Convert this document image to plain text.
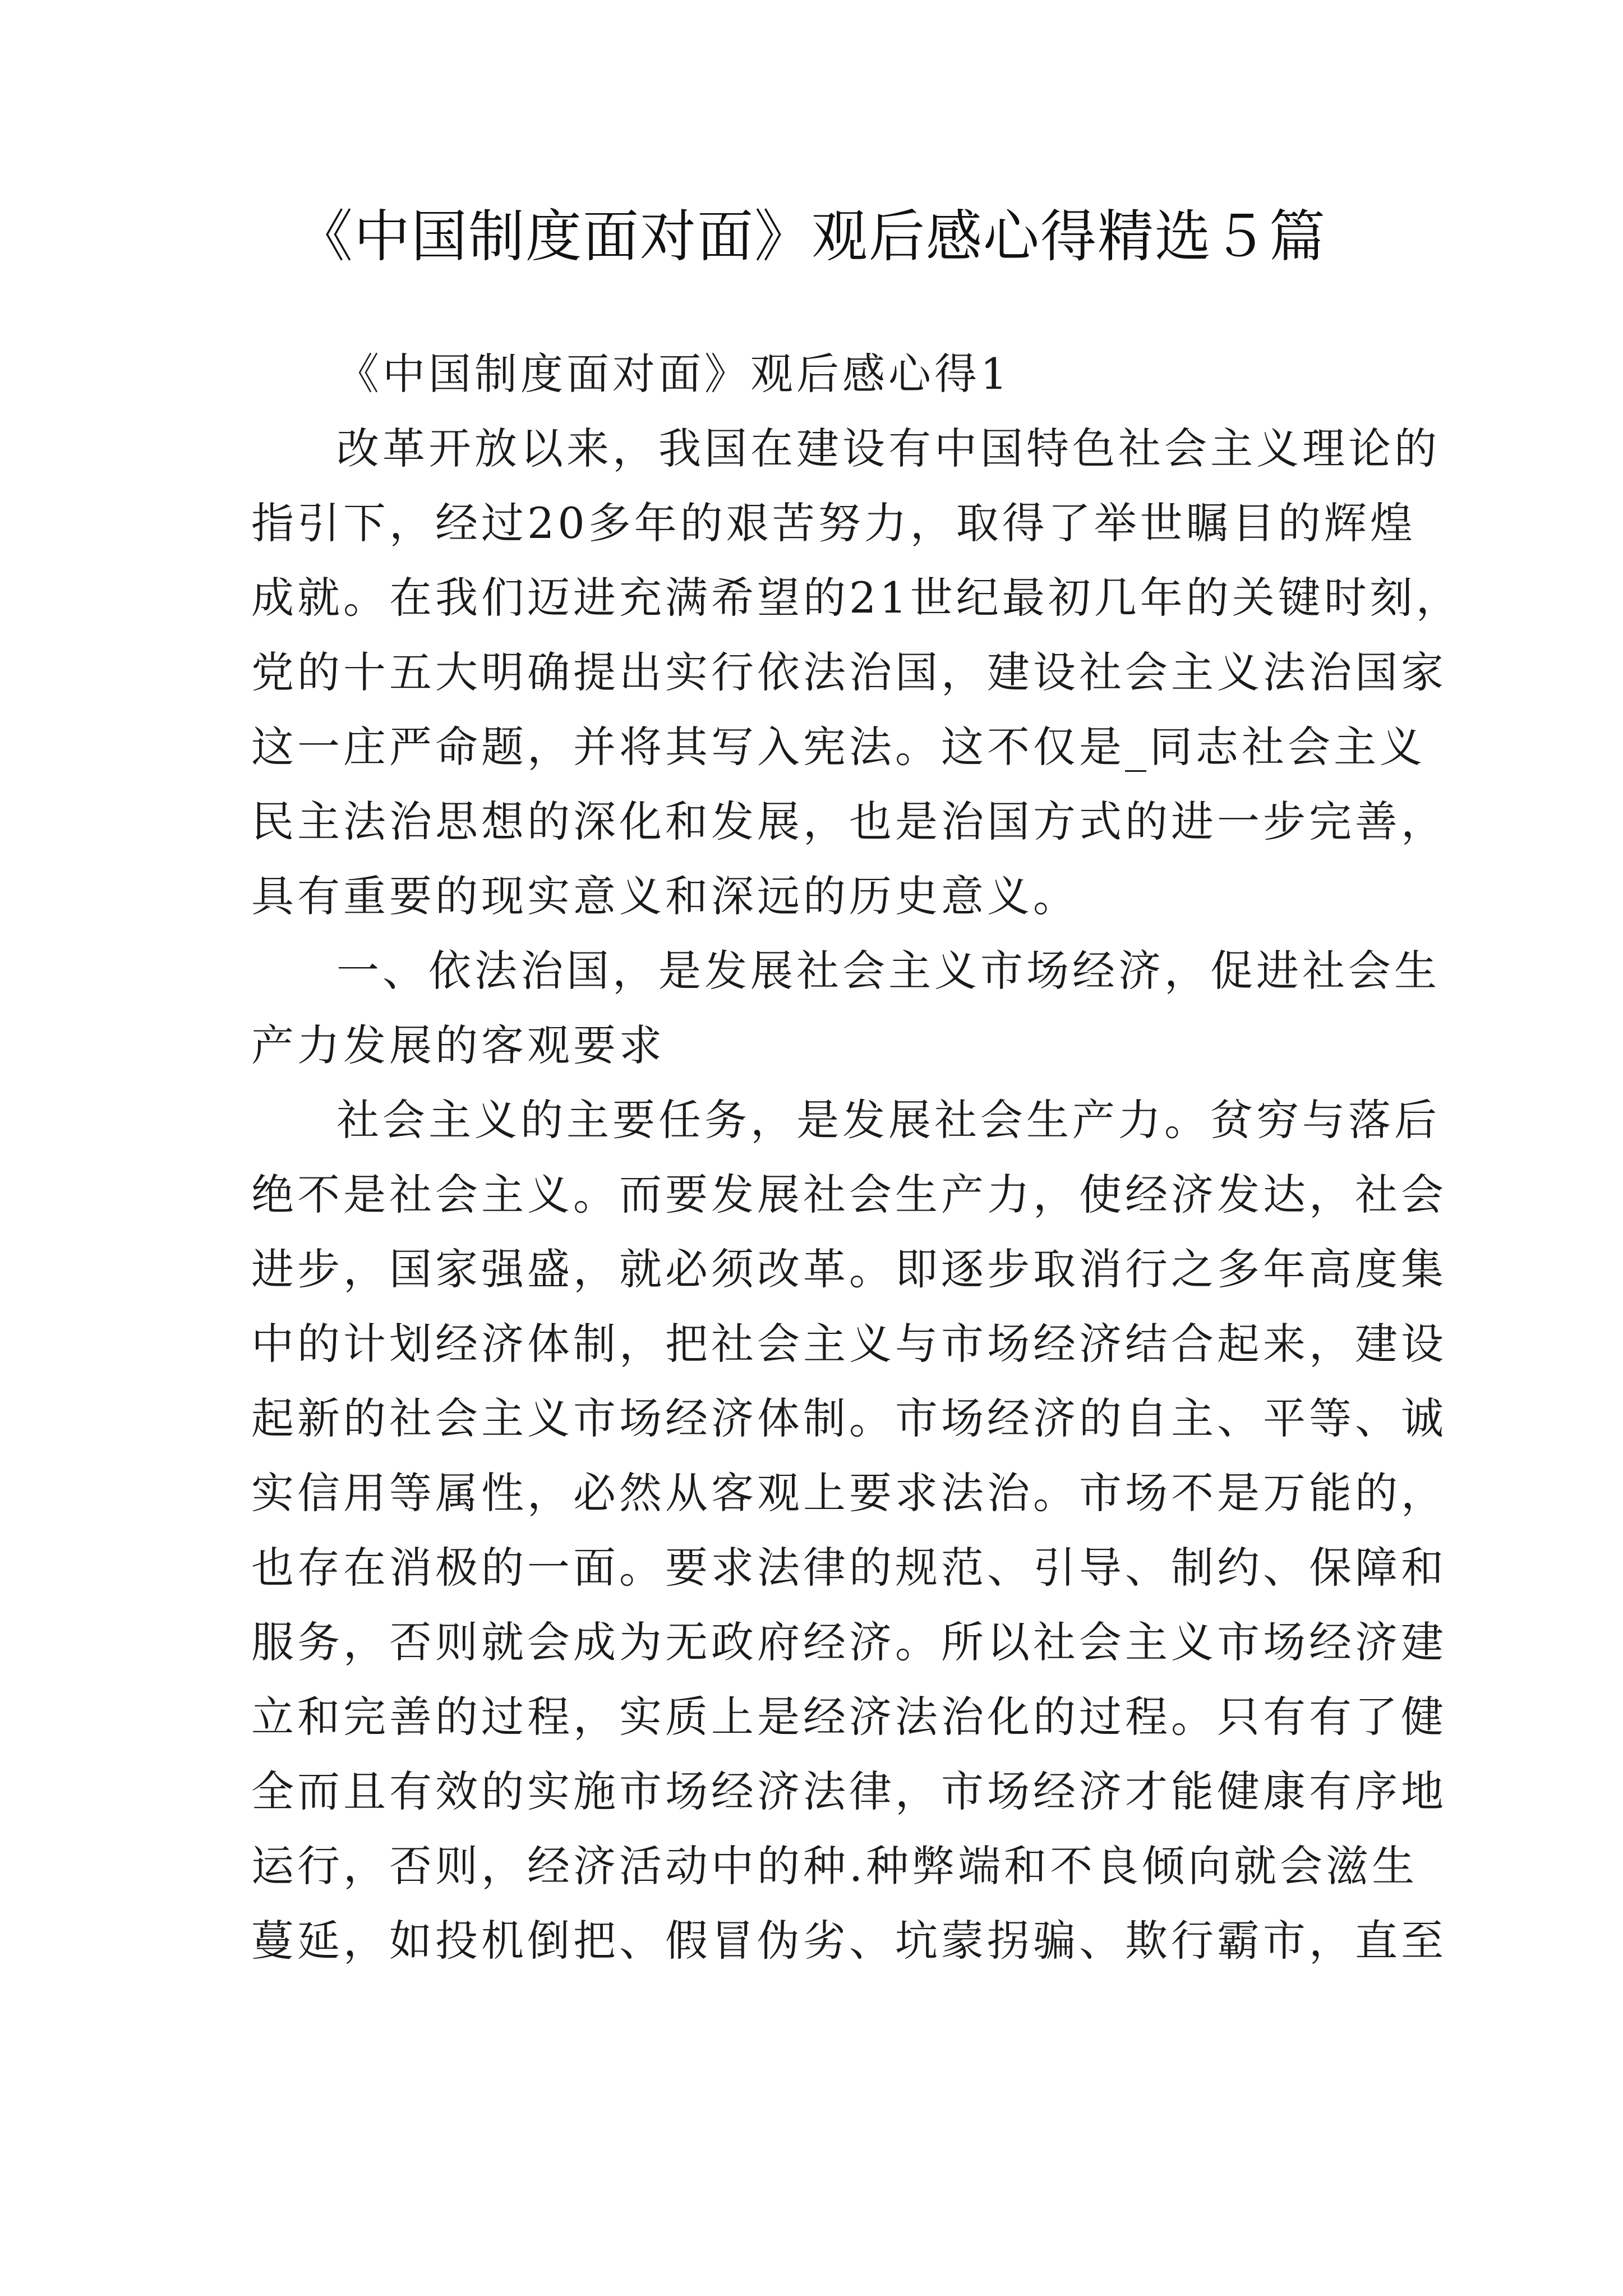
《中国制度面对面》观后感心得精选５篇
《中国制度面对面》观后感心得1
改革开放以来，我国在建设有中国特色社会主义理论的
指引下，经过20多年的艰苦努力，取得了举世瞩目的辉煌
成就。在我们迈进充满希望的21世纪最初几年的关键时刻，
党的十五大明确提出实行依法治国，建设社会主义法治国家
这一庄严命题，并将其写入宪法。这不仅是_同志社会主义
民主法治思想的深化和发展，也是治国方式的进一步完善，
具有重要的现实意义和深远的历史意义。
一、依法治国，是发展社会主义市场经济，促进社会生
产力发展的客观要求
社会主义的主要任务，是发展社会生产力。贫穷与落后
绝不是社会主义。而要发展社会生产力，使经济发达，社会
进步，国家强盛，就必须改革。即逐步取消行之多年高度集
中的计划经济体制，把社会主义与市场经济结合起来，建设
起新的社会主义市场经济体制。市场经济的自主、平等、诚
实信用等属性，必然从客观上要求法治。市场不是万能的，
也存在消极的一面。要求法律的规范、引导、制约、保障和
服务，否则就会成为无政府经济。所以社会主义市场经济建
立和完善的过程，实质上是经济法治化的过程。只有有了健
全而且有效的实施市场经济法律，市场经济才能健康有序地
运行，否则，经济活动中的种.种弊端和不良倾向就会滋生
蔓延，如投机倒把、假冒伪劣、坑蒙拐骗、欺行霸市，直至
